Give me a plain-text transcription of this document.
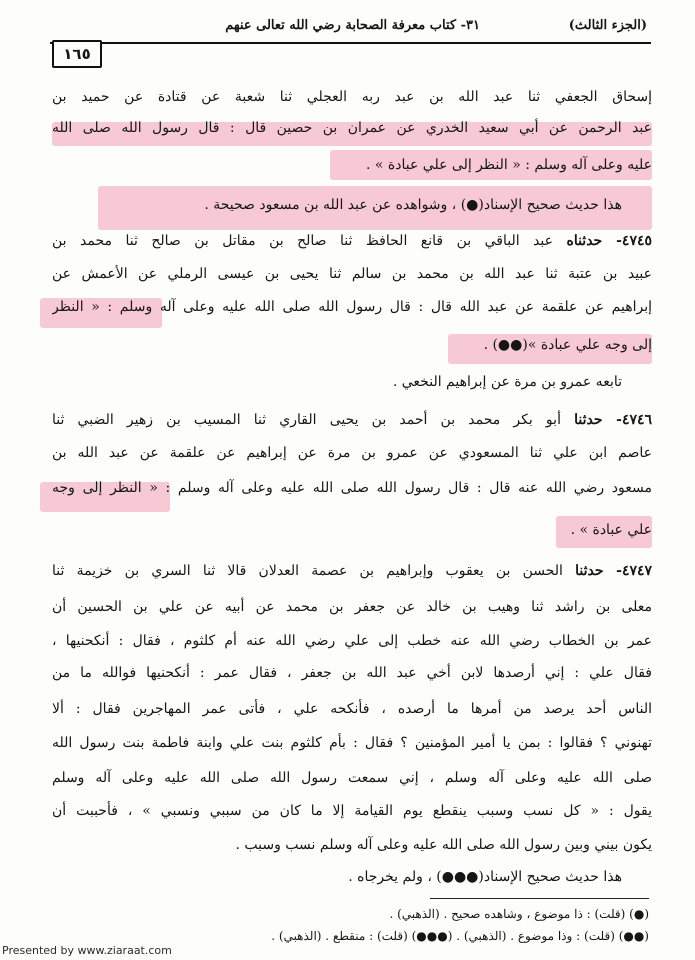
(الجزء الثالث)
٣١- كتاب معرفة الصحابة رضي الله تعالى عنهم
١٦٥
إسحاق الجعفي ثنا عبد الله بن عبد ربه العجلي ثنا شعبة عن قتادة عن حميد بن
عبد الرحمن عن أبي سعيد الخدري عن عمران بن حصين قال : قال رسول الله صلى الله
عليه وعلى آله وسلم : « النظر إلى علي عبادة » .
هذا حديث صحيح الإسناد(●) ، وشواهده عن عبد الله بن مسعود صحيحة .
٤٧٤٥- حدثناه عبد الباقي بن قانع الحافظ ثنا صالح بن مقاتل بن صالح ثنا محمد بن
عبيد بن عتبة ثنا عبد الله بن محمد بن سالم ثنا يحيى بن عيسى الرملي عن الأعمش عن
إبراهيم عن علقمة عن عبد الله قال : قال رسول الله صلى الله عليه وعلى آله وسلم : « النظر
إلى وجه علي عبادة »(●●) .
تابعه عمرو بن مرة عن إبراهيم النخعي .
٤٧٤٦- حدثنا أبو بكر محمد بن أحمد بن يحيى القاري ثنا المسيب بن زهير الضبي ثنا
عاصم ابن علي ثنا المسعودي عن عمرو بن مرة عن إبراهيم عن علقمة عن عبد الله بن
مسعود رضي الله عنه قال : قال رسول الله صلى الله عليه وعلى آله وسلم : « النظر إلى وجه
علي عبادة » .
٤٧٤٧- حدثنا الحسن بن يعقوب وإبراهيم بن عصمة العدلان قالا ثنا السري بن خزيمة ثنا
معلى بن راشد ثنا وهيب بن خالد عن جعفر بن محمد عن أبيه عن علي بن الحسين أن
عمر بن الخطاب رضي الله عنه خطب إلى علي رضي الله عنه أم كلثوم ، فقال : أنكحنيها ،
فقال علي : إني أرصدها لابن أخي عبد الله بن جعفر ، فقال عمر : أنكحنيها فوالله ما من
الناس أحد يرصد من أمرها ما أرصده ، فأنكحه علي ، فأتى عمر المهاجرين فقال : ألا
تهنوني ؟ فقالوا : بمن يا أمير المؤمنين ؟ فقال : بأم كلثوم بنت علي وابنة فاطمة بنت رسول الله
صلى الله عليه وعلى آله وسلم ، إني سمعت رسول الله صلى الله عليه وعلى آله وسلم
يقول : « كل نسب وسبب ينقطع يوم القيامة إلا ما كان من سببي ونسبي » ، فأحببت أن
يكون بيني وبين رسول الله صلى الله عليه وعلى آله وسلم نسب وسبب .
هذا حديث صحيح الإسناد(●●●) ، ولم يخرجاه .
(●) (قلت) : ذا موضوع ، وشاهده صحيح . (الذهبي) .
(●●) (قلت) : وذا موضوع . (الذهبي) . (●●●) (قلت) : منقطع . (الذهبي) .
Presented by www.ziaraat.com
